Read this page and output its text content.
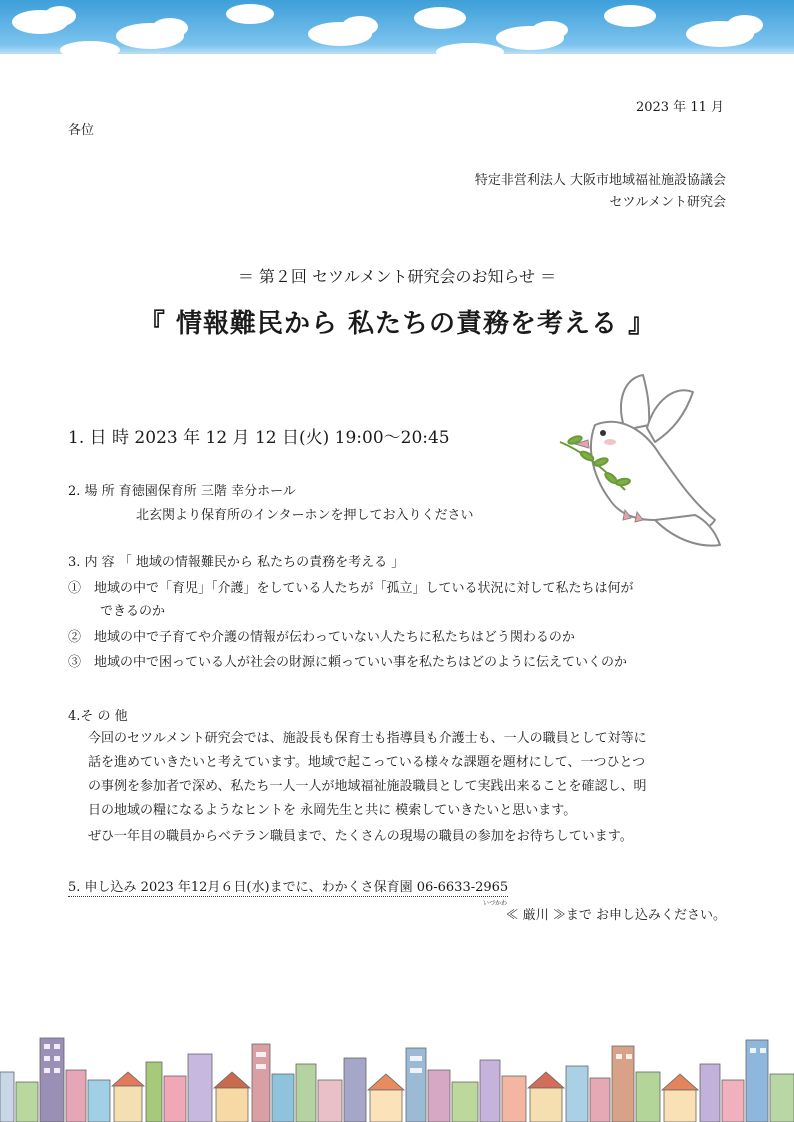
2023 年 11 月
各位
特定非営利法人 大阪市地域福祉施設協議会
セツルメント研究会
＝ 第２回 セツルメント研究会のお知らせ ＝
『 情報難民から 私たちの責務を考える 』
1. 日 時 2023 年 12 月 12 日(火) 19:00〜20:45
2. 場 所 育徳園保育所 三階 幸分ホール
北玄関より保育所のインターホンを押してお入りください
3. 内 容 「 地域の情報難民から 私たちの責務を考える 」
①　地域の中で「育児」「介護」をしている人たちが「孤立」している状況に対して私たちは何が
できるのか
②　地域の中で子育てや介護の情報が伝わっていない人たちに私たちはどう関わるのか
③　地域の中で困っている人が社会の財源に頼っていい事を私たちはどのように伝えていくのか
4.そ の 他
今回のセツルメント研究会では、施設長も保育士も指導員も介護士も、一人の職員として対等に
話を進めていきたいと考えています。地域で起こっている様々な課題を題材にして、一つひとつ
の事例を参加者で深め、私たち一人一人が地域福祉施設職員として実践出来ることを確認し、明
日の地域の糧になるようなヒントを 永岡先生と共に 模索していきたいと思います。
ぜひ一年目の職員からベテラン職員まで、たくさんの現場の職員の参加をお待ちしています。
5. 申し込み 2023 年12月６日(水)までに、わかくさ保育園 06-6633-2965
いづかわ
≪ 厳川 ≫まで お申し込みください。
